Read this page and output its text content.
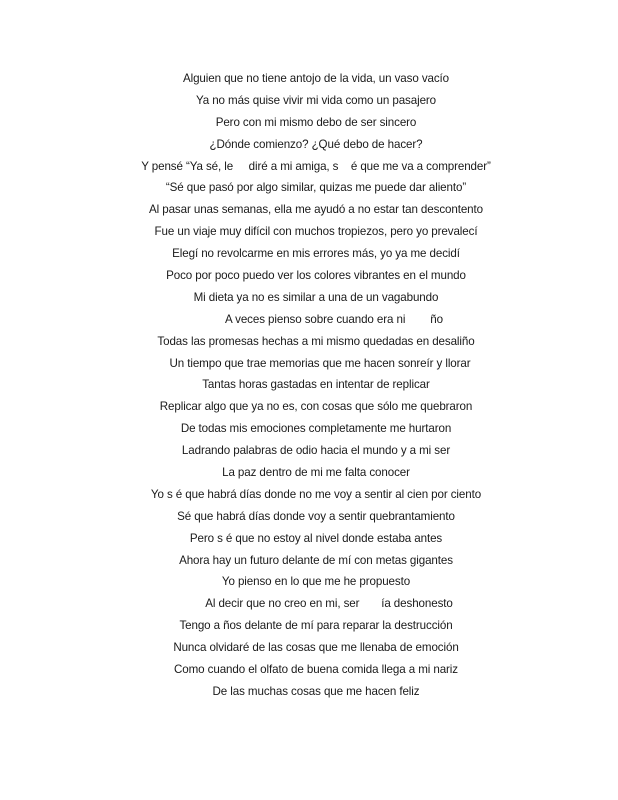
Alguien que no tiene antojo de la vida, un vaso vacío
Ya no más quise vivir mi vida como un pasajero
Pero con mi mismo debo de ser sincero
¿Dónde comienzo? ¿Qué debo de hacer?
Y pensé “Ya sé, le     diré a mi amiga, s    é que me va a comprender”
“Sé que pasó por algo similar, quizas me puede dar aliento”
Al pasar unas semanas, ella me ayudó a no estar tan descontento
Fue un viaje muy difícil con muchos tropiezos, pero yo prevalecí
Elegí no revolcarme en mis errores más, yo ya me decidí
Poco por poco puedo ver los colores vibrantes en el mundo
Mi dieta ya no es similar a una de un vagabundo
A veces pienso sobre cuando era ni        ño
Todas las promesas hechas a mi mismo quedadas en desaliño
Un tiempo que trae memorias que me hacen sonreír y llorar
Tantas horas gastadas en intentar de replicar
Replicar algo que ya no es, con cosas que sólo me quebraron
De todas mis emociones completamente me hurtaron
Ladrando palabras de odio hacia el mundo y a mi ser
La paz dentro de mi me falta conocer
Yo s é que habrá días donde no me voy a sentir al cien por ciento
Sé que habrá días donde voy a sentir quebrantamiento
Pero s é que no estoy al nivel donde estaba antes
Ahora hay un futuro delante de mí con metas gigantes
Yo pienso en lo que me he propuesto
Al decir que no creo en mi, ser       ía deshonesto
Tengo a ños delante de mí para reparar la destrucción
Nunca olvidaré de las cosas que me llenaba de emoción
Como cuando el olfato de buena comida llega a mi nariz
De las muchas cosas que me hacen feliz
